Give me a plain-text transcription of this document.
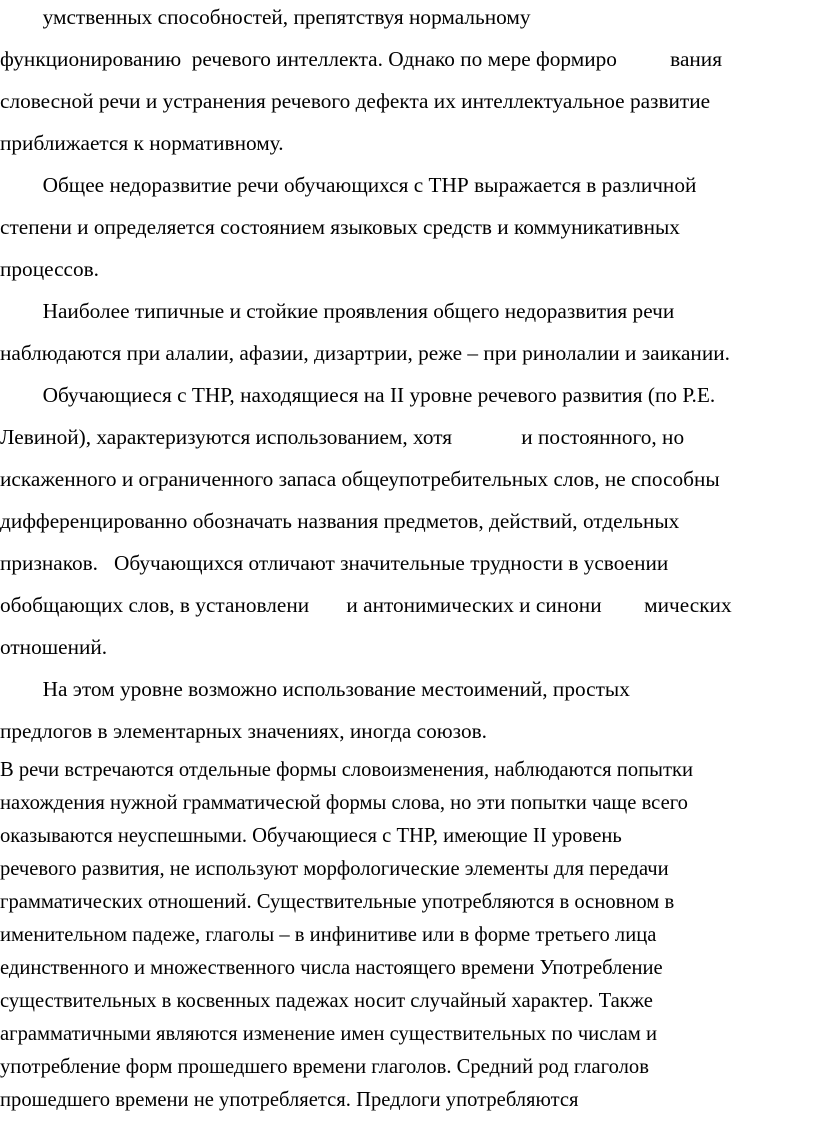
умственных способностей, препятствуя нормальному
функционированию  речевого интеллекта. Однако по мере формиро          вания
словесной речи и устранения речевого дефекта их интеллектуальное развитие
приближается к нормативному.
Общее недоразвитие речи обучающихся с ТНР выражается в различной
степени и определяется состоянием языковых средств и коммуникативных
процессов.
Наиболее типичные и стойкие проявления общего недоразвития речи
наблюдаются при алалии, афазии, дизартрии, реже – при ринолалии и заикании.
Обучающиеся с ТНР, находящиеся на II уровне речевого развития (по Р.Е.
Левиной), характеризуются использованием, хотя             и постоянного, но
искаженного и ограниченного запаса общеупотребительных слов, не способны
дифференцированно обозначать названия предметов, действий, отдельных
признаков.   Обучающихся отличают значительные трудности в усвоении
обобщающих слов, в установлени       и антонимических и синони        мических
отношений.
На этом уровне возможно использование местоимений, простых
предлогов в элементарных значениях, иногда союзов.
В речи встречаются отдельные формы словоизменения, наблюдаются попытки
нахождения нужной грамматичесюй формы слова, но эти попытки чаще всего
оказываются неуспешными. Обучающиеся с ТНР, имеющие II уровень
речевого развития, не используют морфологические элементы для передачи
грамматических отношений. Существительные употребляются в основном в
именительном падеже, глаголы – в инфинитиве или в форме третьего лица
единственного и множественного числа настоящего времени Употребление
существительных в косвенных падежах носит случайный характер. Также
аграмматичными являются изменение имен существительных по числам и
употребление форм прошедшего времени глаголов. Средний род глаголов
прошедшего времени не употребляется. Предлоги употребляются
